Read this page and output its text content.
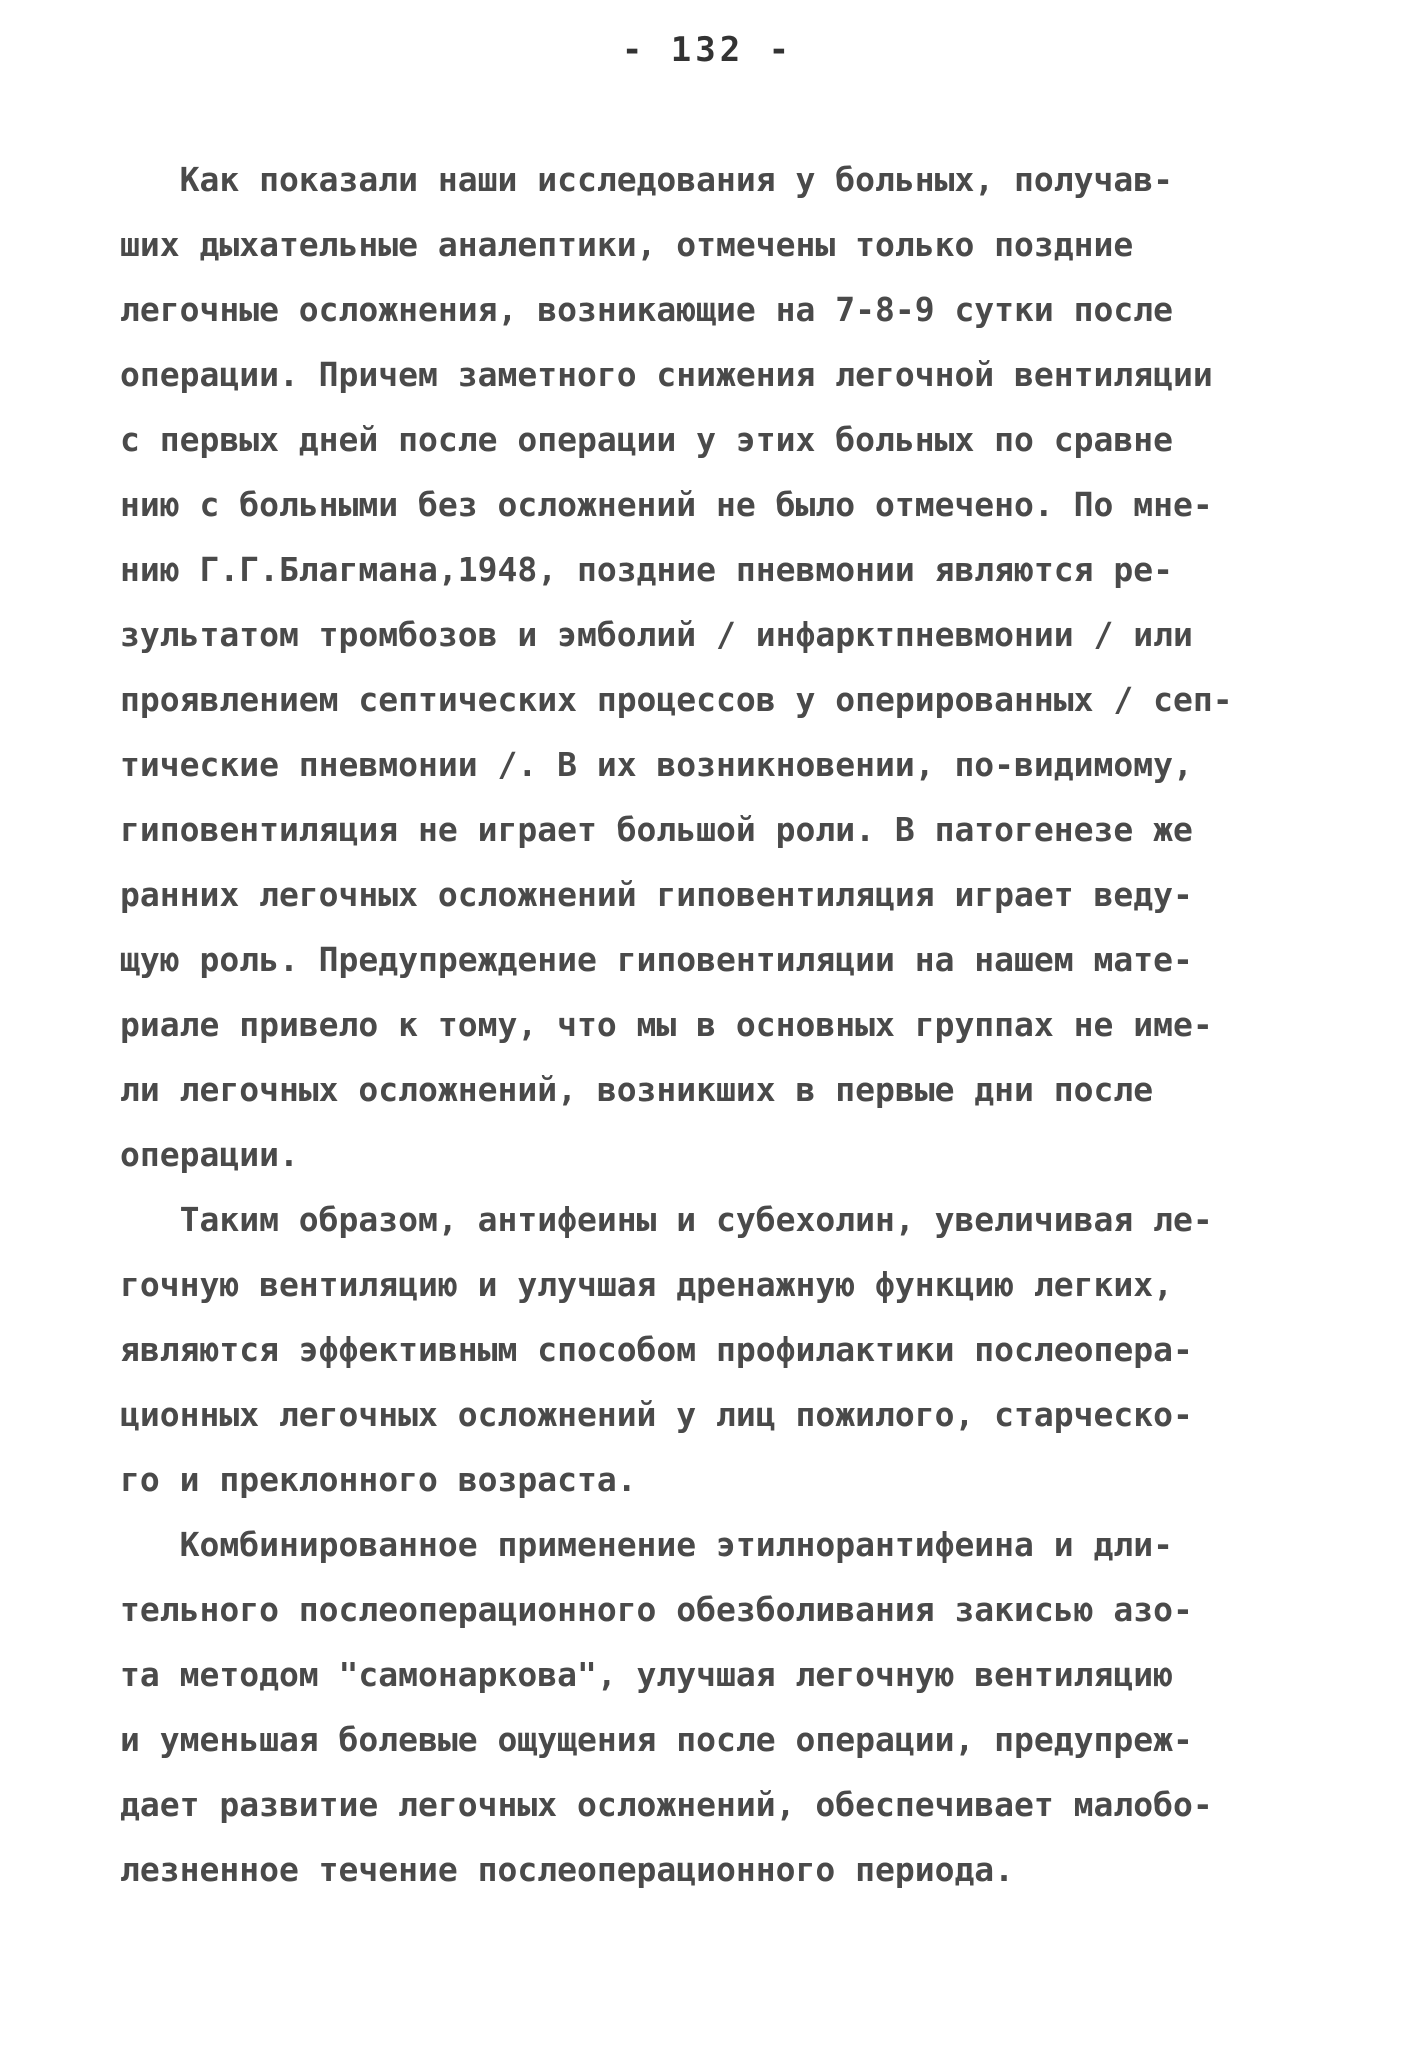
- 132 -
Как показали наши исследования у больных, получав-
ших дыхательные аналептики, отмечены только поздние
легочные осложнения, возникающие на 7-8-9 сутки после
операции. Причем заметного снижения легочной вентиляции
с первых дней после операции у этих больных по сравне
нию с больными без осложнений не было отмечено. По мне-
нию Г.Г.Благмана,1948, поздние пневмонии являются ре-
зультатом тромбозов и эмболий / инфарктпневмонии / или
проявлением септических процессов у оперированных / сеп-
тические пневмонии /. В их возникновении, по-видимому,
гиповентиляция не играет большой роли. В патогенезе же
ранних легочных осложнений гиповентиляция играет веду-
щую роль. Предупреждение гиповентиляции на нашем мате-
риале привело к тому, что мы в основных группах не име-
ли легочных осложнений, возникших в первые дни после
операции.
Таким образом, антифеины и субехолин, увеличивая ле-
гочную вентиляцию и улучшая дренажную функцию легких,
являются эффективным способом профилактики послеопера-
ционных легочных осложнений у лиц пожилого, старческо-
го и преклонного возраста.
Комбинированное применение этилнорантифеина и дли-
тельного послеоперационного обезболивания закисью азо-
та методом "самонаркова", улучшая легочную вентиляцию
и уменьшая болевые ощущения после операции, предупреж-
дает развитие легочных осложнений, обеспечивает малобо-
лезненное течение послеоперационного периода.
